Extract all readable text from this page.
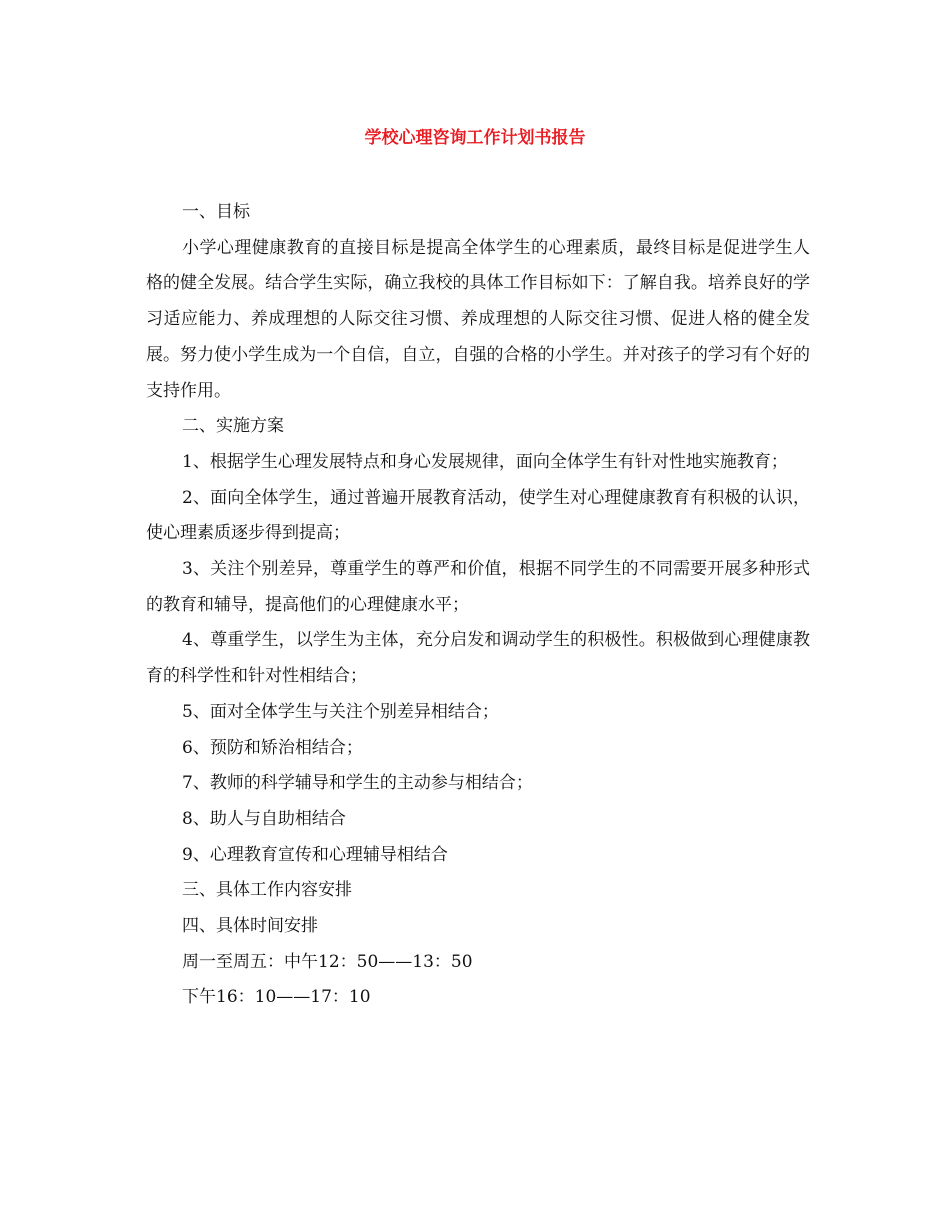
学校心理咨询工作计划书报告

一、目标

小学心理健康教育的直接目标是提高全体学生的心理素质，最终目标是促进学生人格的健全发展。结合学生实际，确立我校的具体工作目标如下：了解自我。培养良好的学习适应能力、养成理想的人际交往习惯、养成理想的人际交往习惯、促进人格的健全发展。努力使小学生成为一个自信，自立，自强的合格的小学生。并对孩子的学习有个好的支持作用。

二、实施方案

1、根据学生心理发展特点和身心发展规律，面向全体学生有针对性地实施教育；

2、面向全体学生，通过普遍开展教育活动，使学生对心理健康教育有积极的认识，使心理素质逐步得到提高；

3、关注个别差异，尊重学生的尊严和价值，根据不同学生的不同需要开展多种形式的教育和辅导，提高他们的心理健康水平；

4、尊重学生，以学生为主体，充分启发和调动学生的积极性。积极做到心理健康教育的科学性和针对性相结合；

5、面对全体学生与关注个别差异相结合；

6、预防和矫治相结合；

7、教师的科学辅导和学生的主动参与相结合；

8、助人与自助相结合

9、心理教育宣传和心理辅导相结合

三、具体工作内容安排

四、具体时间安排

周一至周五：中午12：50——13：50

下午16：10——17：10
